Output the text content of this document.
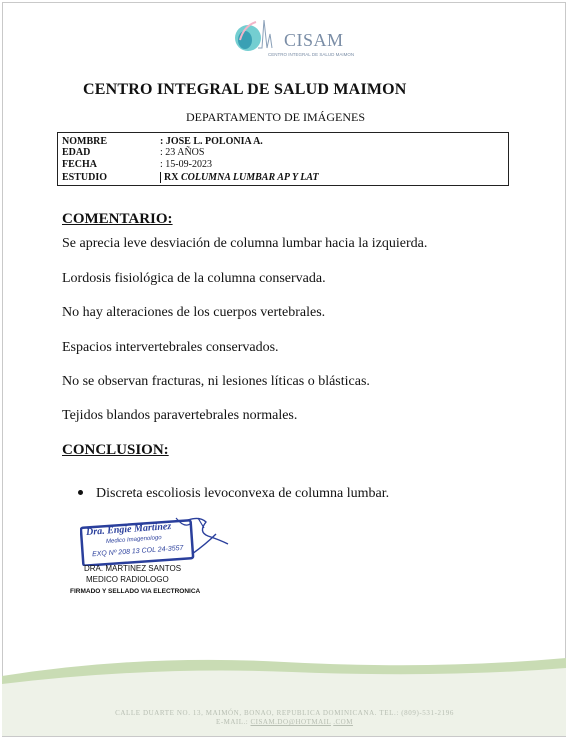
CISAM
CENTRO INTEGRAL DE SALUD MAIMON
CENTRO INTEGRAL DE SALUD MAIMON
DEPARTAMENTO DE IMÁGENES
NOMBRE	: JOSE L. POLONIA A.
EDAD	: 23 AÑOS
FECHA	: 15-09-2023
ESTUDIO	RX COLUMNA LUMBAR AP Y LAT
COMENTARIO:
Se aprecia leve desviación de columna lumbar hacia la izquierda.
Lordosis fisiológica de la columna conservada.
No hay alteraciones de los cuerpos vertebrales.
Espacios intervertebrales conservados.
No se observan fracturas, ni lesiones líticas o blásticas.
Tejidos blandos paravertebrales normales.
CONCLUSION:
Discreta escoliosis levoconvexa de columna lumbar.
Dra. Engie Martinez
Medico Imagenologo
EXQ Nº 208 13 COL 24-3557
DRA. MARTINEZ SANTOS
MEDICO RADIOLOGO
FIRMADO Y SELLADO VIA ELECTRONICA
CALLE DUARTE NO. 13, MAIMÓN, BONAO, REPUBLICA DOMINICANA. TEL.: (809)-531-2196
E-MAIL.: CISAM.DO@HOTMAIL .COM
